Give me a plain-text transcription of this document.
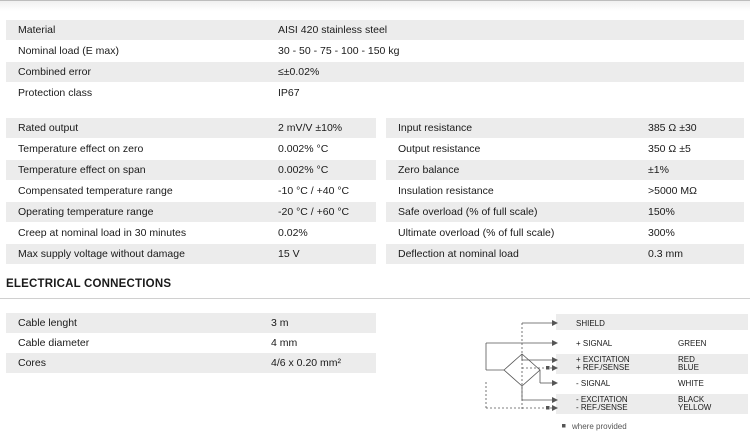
Material	AISI 420 stainless steel
Nominal load (E max)	30 - 50 - 75 - 100 - 150 kg
Combined error	≤±0.02%
Protection class	IP67
Rated output	2 mV/V ±10%
Temperature effect on zero	0.002% °C
Temperature effect on span	0.002% °C
Compensated temperature range	-10 °C / +40 °C
Operating temperature range	-20 °C / +60 °C
Creep at nominal load in 30 minutes	0.02%
Max supply voltage without damage	15 V
Input resistance	385 Ω ±30
Output resistance	350 Ω ±5
Zero balance	±1%
Insulation resistance	>5000 MΩ
Safe overload (% of full scale)	150%
Ultimate overload (% of full scale)	300%
Deflection at nominal load	0.3 mm
ELECTRICAL CONNECTIONS
Cable lenght	3 m
Cable diameter	4 mm
Cores	4/6 x 0.20 mm²
SHIELD
+ SIGNAL	GREEN
+ EXCITATION
+ REF./SENSE
RED
BLUE
- SIGNAL	WHITE
- EXCITATION
- REF./SENSE
BLACK
YELLOW
where provided
